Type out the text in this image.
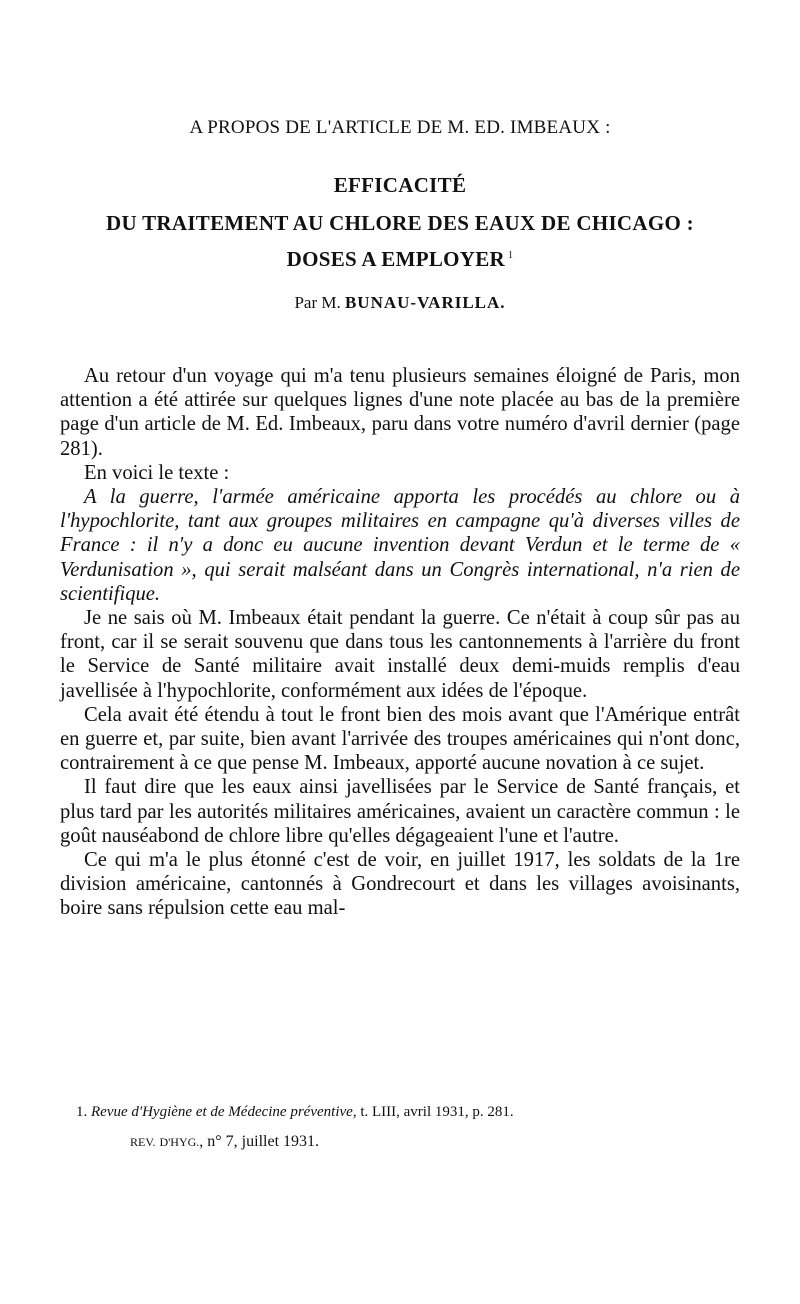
A PROPOS DE L'ARTICLE DE M. ED. IMBEAUX :
EFFICACITÉ
DU TRAITEMENT AU CHLORE DES EAUX DE CHICAGO :
DOSES A EMPLOYER $^1$
Par M. BUNAU-VARILLA.

Au retour d'un voyage qui m'a tenu plusieurs semaines éloigné de Paris, mon attention a été attirée sur quelques lignes d'une note placée au bas de la première page d'un article de M. Ed. Imbeaux, paru dans votre numéro d'avril dernier (page 281).

En voici le texte :

A la guerre, l'armée américaine apporta les procédés au chlore ou à l'hypochlorite, tant aux groupes militaires en campagne qu'à diverses villes de France : il n'y a donc eu aucune invention devant Verdun et le terme de « Verdunisation », qui serait malséant dans un Congrès international, n'a rien de scientifique.

Je ne sais où M. Imbeaux était pendant la guerre. Ce n'était à coup sûr pas au front, car il se serait souvenu que dans tous les cantonnements à l'arrière du front le Service de Santé militaire avait installé deux demi-muids remplis d'eau javellisée à l'hypochlorite, conformément aux idées de l'époque.

Cela avait été étendu à tout le front bien des mois avant que l'Amérique entrât en guerre et, par suite, bien avant l'arrivée des troupes américaines qui n'ont donc, contrairement à ce que pense M. Imbeaux, apporté aucune novation à ce sujet.

Il faut dire que les eaux ainsi javellisées par le Service de Santé français, et plus tard par les autorités militaires américaines, avaient un caractère commun : le goût nauséabond de chlore libre qu'elles dégageaient l'une et l'autre.

Ce qui m'a le plus étonné c'est de voir, en juillet 1917, les soldats de la 1re division américaine, cantonnés à Gondrecourt et dans les villages avoisinants, boire sans répulsion cette eau mal-

1. Revue d'Hygiène et de Médecine préventive, t. LIII, avril 1931, p. 281.
REV. D'HYG., n° 7, juillet 1931.
